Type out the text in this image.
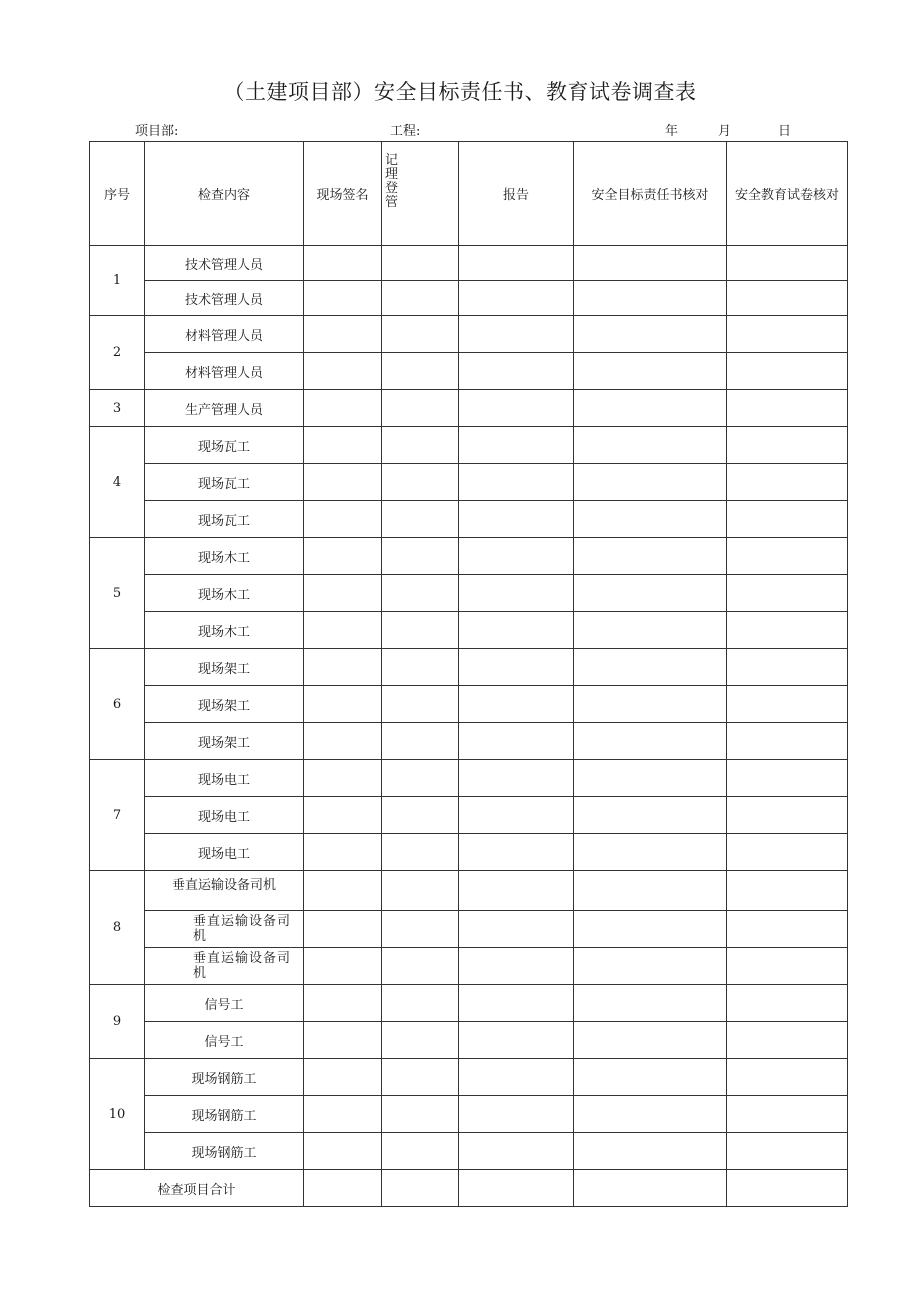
（土建项目部）安全目标责任书、教育试卷调查表
项目部:	工程:	年	月	日
序号	检查内容	现场签名	记理登管	报告	安全目标责任书核对	安全教育试卷核对
1	技术管理人员					
	技术管理人员					
2	材料管理人员					
	材料管理人员					
3	生产管理人员					
4	现场瓦工					
	现场瓦工					
	现场瓦工					
5	现场木工					
	现场木工					
	现场木工					
6	现场架工					
	现场架工					
	现场架工					
7	现场电工					
	现场电工					
	现场电工					
8	垂直运输设备司机					
	垂直运输设备司机					
	垂直运输设备司机					
9	信号工					
	信号工					
10	现场钢筋工					
	现场钢筋工					
	现场钢筋工					
检查项目合计						
